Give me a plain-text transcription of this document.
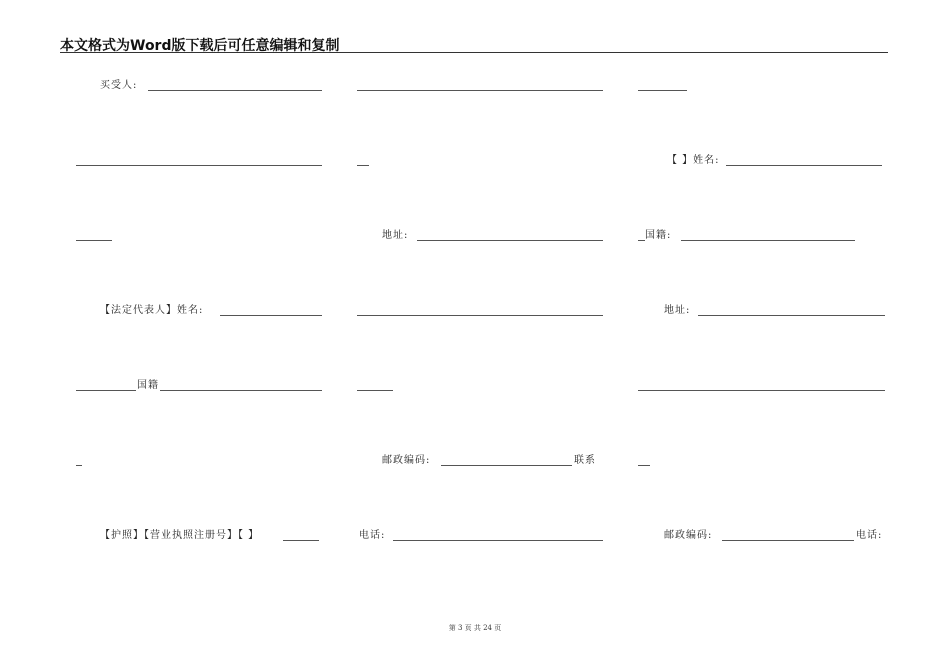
本文格式为Word版下载后可任意编辑和复制
买受人:
【 】姓名:
地址:	国籍:
【法定代表人】姓名:	地址:
国籍
邮政编码:	联系
【护照】【营业执照注册号】【 】	电话:	邮政编码:	电话:
第 3 页 共 24 页
